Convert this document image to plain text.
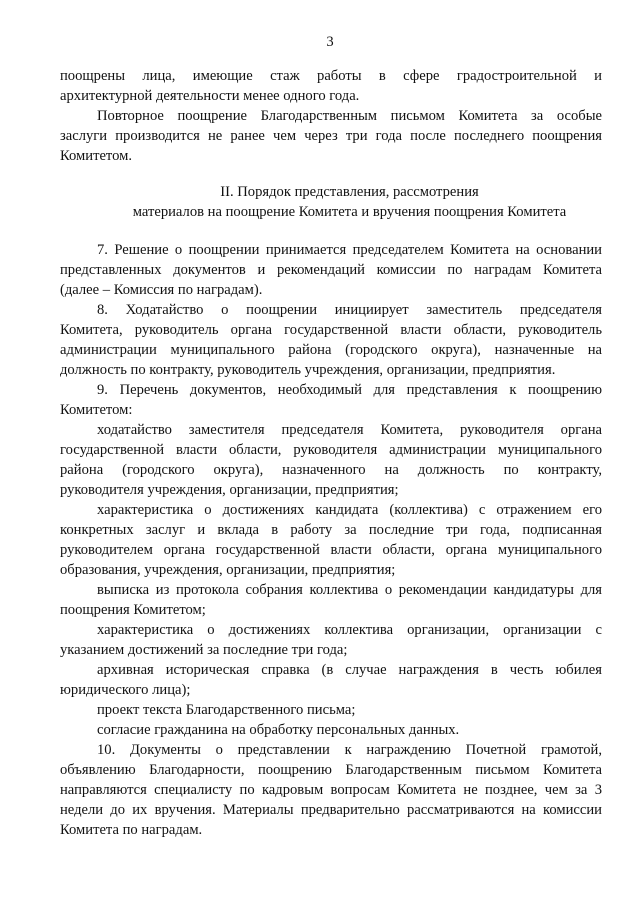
3
поощрены лица, имеющие стаж работы в сфере градостроительной и
архитектурной деятельности менее одного года.
Повторное поощрение Благодарственным письмом Комитета за особые
заслуги производится не ранее чем через три года после последнего поощрения
Комитетом.
II. Порядок представления, рассмотрения
материалов на поощрение Комитета и вручения поощрения Комитета
7. Решение о поощрении принимается председателем Комитета на основании
представленных документов и рекомендаций комиссии по наградам Комитета
(далее – Комиссия по наградам).
8. Ходатайство о поощрении инициирует заместитель председателя
Комитета, руководитель органа государственной власти области, руководитель
администрации муниципального района (городского округа), назначенные на
должность по контракту, руководитель учреждения, организации, предприятия.
9. Перечень документов, необходимый для представления к поощрению
Комитетом:
ходатайство заместителя председателя Комитета, руководителя органа
государственной власти области, руководителя администрации муниципального
района (городского округа), назначенного на должность по контракту,
руководителя учреждения, организации, предприятия;
характеристика о достижениях кандидата (коллектива) с отражением его
конкретных заслуг и вклада в работу за последние три года, подписанная
руководителем органа государственной власти области, органа муниципального
образования, учреждения, организации, предприятия;
выписка из протокола собрания коллектива о рекомендации кандидатуры для
поощрения Комитетом;
характеристика о достижениях коллектива организации, организации с
указанием достижений за последние три года;
архивная историческая справка (в случае награждения в честь юбилея
юридического лица);
проект текста Благодарственного письма;
согласие гражданина на обработку персональных данных.
10. Документы о представлении к награждению Почетной грамотой,
объявлению Благодарности, поощрению Благодарственным письмом Комитета
направляются специалисту по кадровым вопросам Комитета не позднее, чем за 3
недели до их вручения. Материалы предварительно рассматриваются на комиссии
Комитета по наградам.
